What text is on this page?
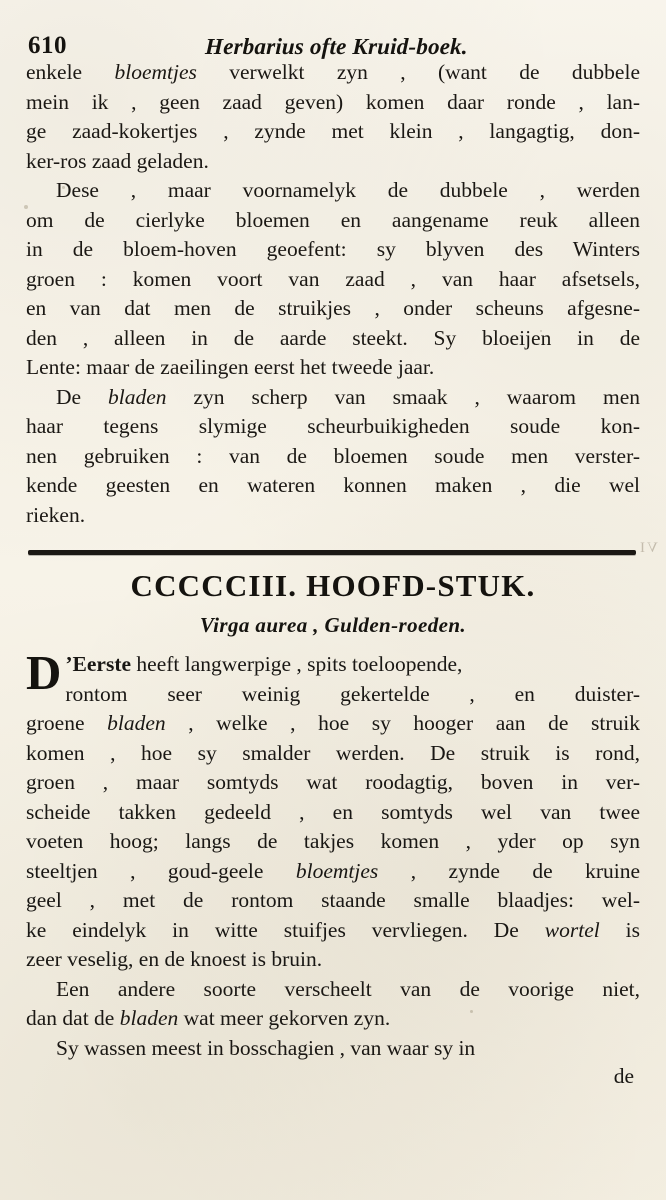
610	Herbarius ofte Kruid-boek.

enkele bloemtjes verwelkt zyn , (want de dubbele
mein ik , geen zaad geven) komen daar ronde , lan-
ge zaad-kokertjes , zynde met klein , langagtig, don-
ker-ros zaad geladen.

Dese , maar voornamelyk de dubbele , werden
om de cierlyke bloemen en aangename reuk alleen
in de bloem-hoven geoefent: sy blyven des Winters
groen : komen voort van zaad , van haar afsetsels,
en van dat men de struikjes , onder scheuns afgesne-
den , alleen in de aarde steekt. Sy bloeijen in de
Lente: maar de zaeilingen eerst het tweede jaar.

De bladen zyn scherp van smaak , waarom men
haar tegens slymige scheurbuikigheden soude kon-
nen gebruiken : van de bloemen soude men verster-
kende geesten en wateren konnen maken , die wel
rieken.

CCCCCIII. HOOFD-STUK.
Virga aurea , Gulden-roeden.
D ’Eerste heeft langwerpige , spits toeloopende,
rontom seer weinig gekertelde , en duister-
groene bladen , welke , hoe sy hooger aan de struik
komen , hoe sy smalder werden. De struik is rond,
groen , maar somtyds wat roodagtig, boven in ver-
scheide takken gedeeld , en somtyds wel van twee
voeten hoog; langs de takjes komen , yder op syn
steeltjen , goud-geele bloemtjes , zynde de kruine
geel , met de rontom staande smalle blaadjes: wel-
ke eindelyk in witte stuifjes vervliegen. De wortel is
zeer veselig, en de knoest is bruin.

Een andere soorte verscheelt van de voorige niet,
dan dat de bladen wat meer gekorven zyn.

Sy wassen meest in bosschagien , van waar sy in

de
VI
